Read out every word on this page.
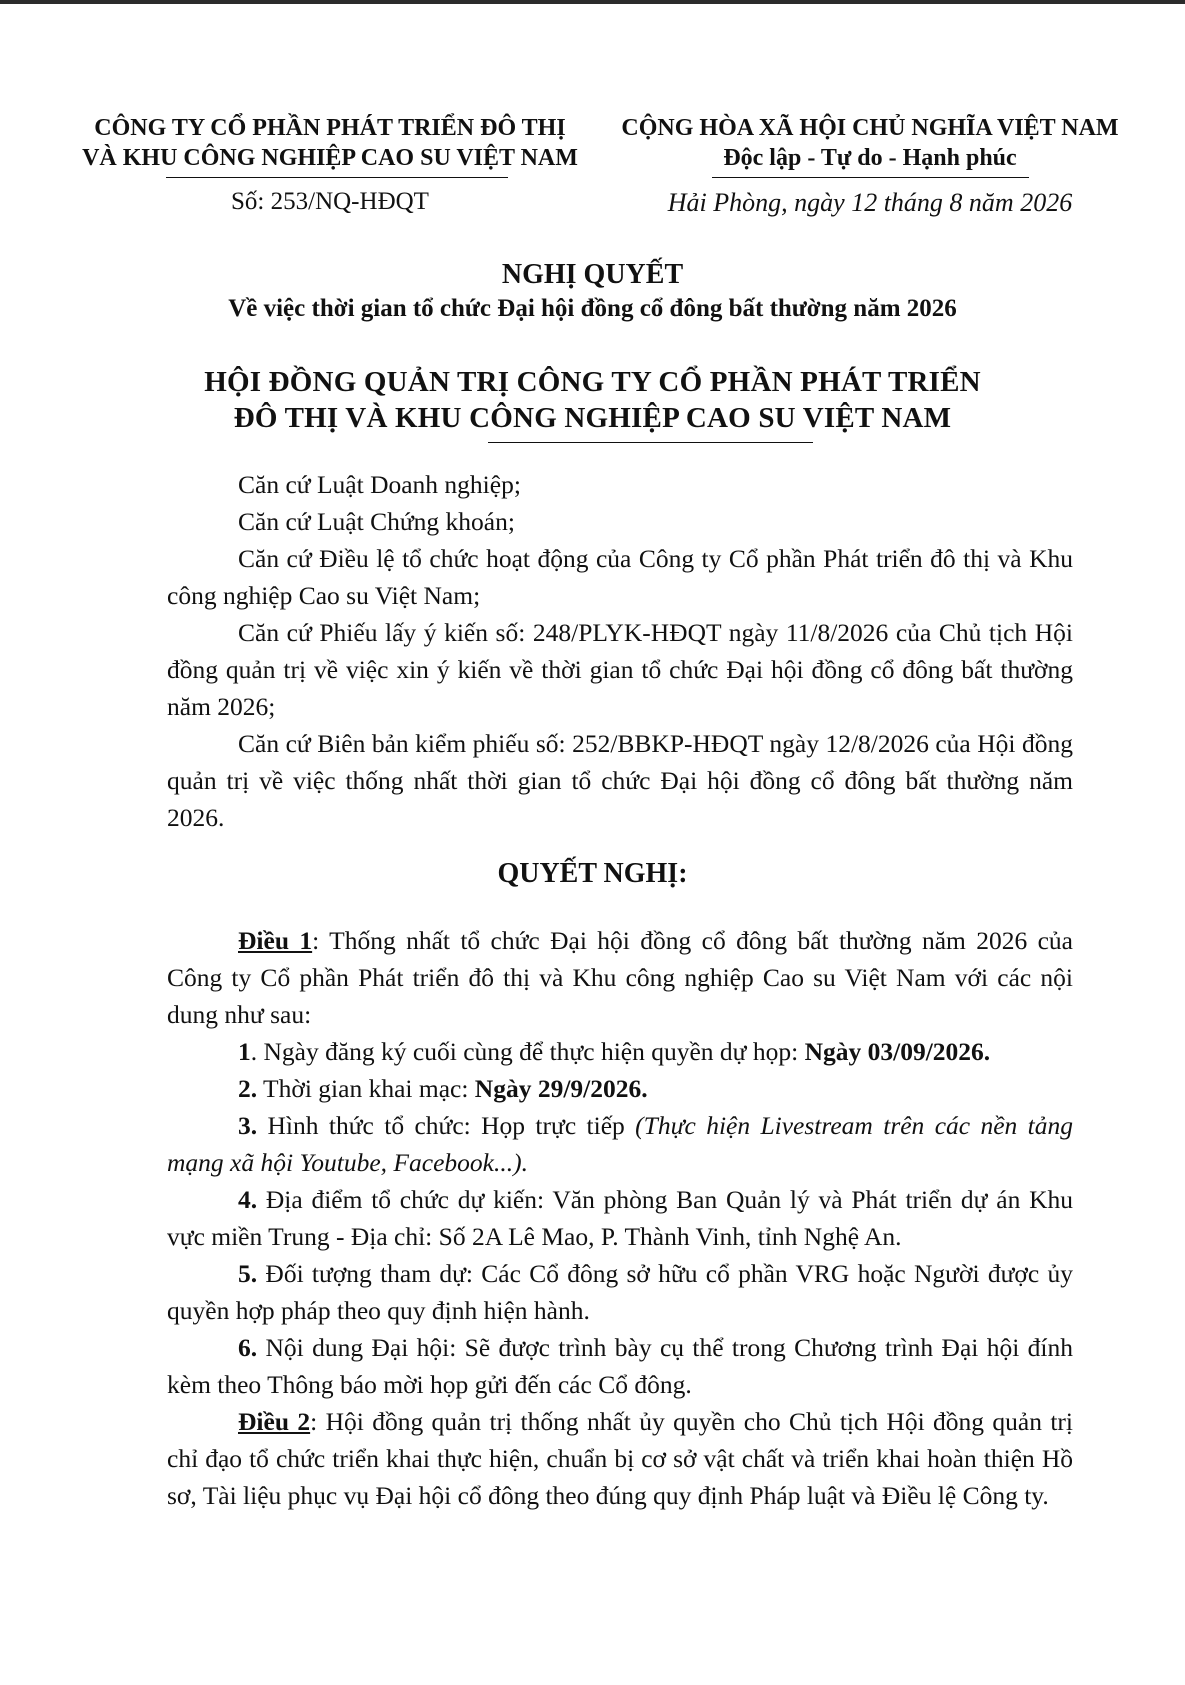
CÔNG TY CỔ PHẦN PHÁT TRIỂN ĐÔ THỊ
VÀ KHU CÔNG NGHIỆP CAO SU VIỆT NAM
Số: 253/NQ-HĐQT
CỘNG HÒA XÃ HỘI CHỦ NGHĨA VIỆT NAM
Độc lập - Tự do - Hạnh phúc
Hải Phòng, ngày 12 tháng 8 năm 2026
NGHỊ QUYẾT
Về việc thời gian tổ chức Đại hội đồng cổ đông bất thường năm 2026
HỘI ĐỒNG QUẢN TRỊ CÔNG TY CỔ PHẦN PHÁT TRIỂN
ĐÔ THỊ VÀ KHU CÔNG NGHIỆP CAO SU VIỆT NAM

Căn cứ Luật Doanh nghiệp;

Căn cứ Luật Chứng khoán;

Căn cứ Điều lệ tổ chức hoạt động của Công ty Cổ phần Phát triển đô thị và Khu công nghiệp Cao su Việt Nam;

Căn cứ Phiếu lấy ý kiến số: 248/PLYK-HĐQT ngày 11/8/2026 của Chủ tịch Hội đồng quản trị về việc xin ý kiến về thời gian tổ chức Đại hội đồng cổ đông bất thường năm 2026;

Căn cứ Biên bản kiểm phiếu số: 252/BBKP-HĐQT ngày 12/8/2026 của Hội đồng quản trị về việc thống nhất thời gian tổ chức Đại hội đồng cổ đông bất thường năm 2026.

QUYẾT NGHỊ:

Điều 1: Thống nhất tổ chức Đại hội đồng cổ đông bất thường năm 2026 của Công ty Cổ phần Phát triển đô thị và Khu công nghiệp Cao su Việt Nam với các nội dung như sau:

1. Ngày đăng ký cuối cùng để thực hiện quyền dự họp: Ngày 03/09/2026.

2. Thời gian khai mạc: Ngày 29/9/2026.

3. Hình thức tổ chức: Họp trực tiếp (Thực hiện Livestream trên các nền tảng mạng xã hội Youtube, Facebook...).

4. Địa điểm tổ chức dự kiến: Văn phòng Ban Quản lý và Phát triển dự án Khu vực miền Trung - Địa chỉ: Số 2A Lê Mao, P. Thành Vinh, tỉnh Nghệ An.

5. Đối tượng tham dự: Các Cổ đông sở hữu cổ phần VRG hoặc Người được ủy quyền hợp pháp theo quy định hiện hành.

6. Nội dung Đại hội: Sẽ được trình bày cụ thể trong Chương trình Đại hội đính kèm theo Thông báo mời họp gửi đến các Cổ đông.

Điều 2: Hội đồng quản trị thống nhất ủy quyền cho Chủ tịch Hội đồng quản trị chỉ đạo tổ chức triển khai thực hiện, chuẩn bị cơ sở vật chất và triển khai hoàn thiện Hồ sơ, Tài liệu phục vụ Đại hội cổ đông theo đúng quy định Pháp luật và Điều lệ Công ty.
